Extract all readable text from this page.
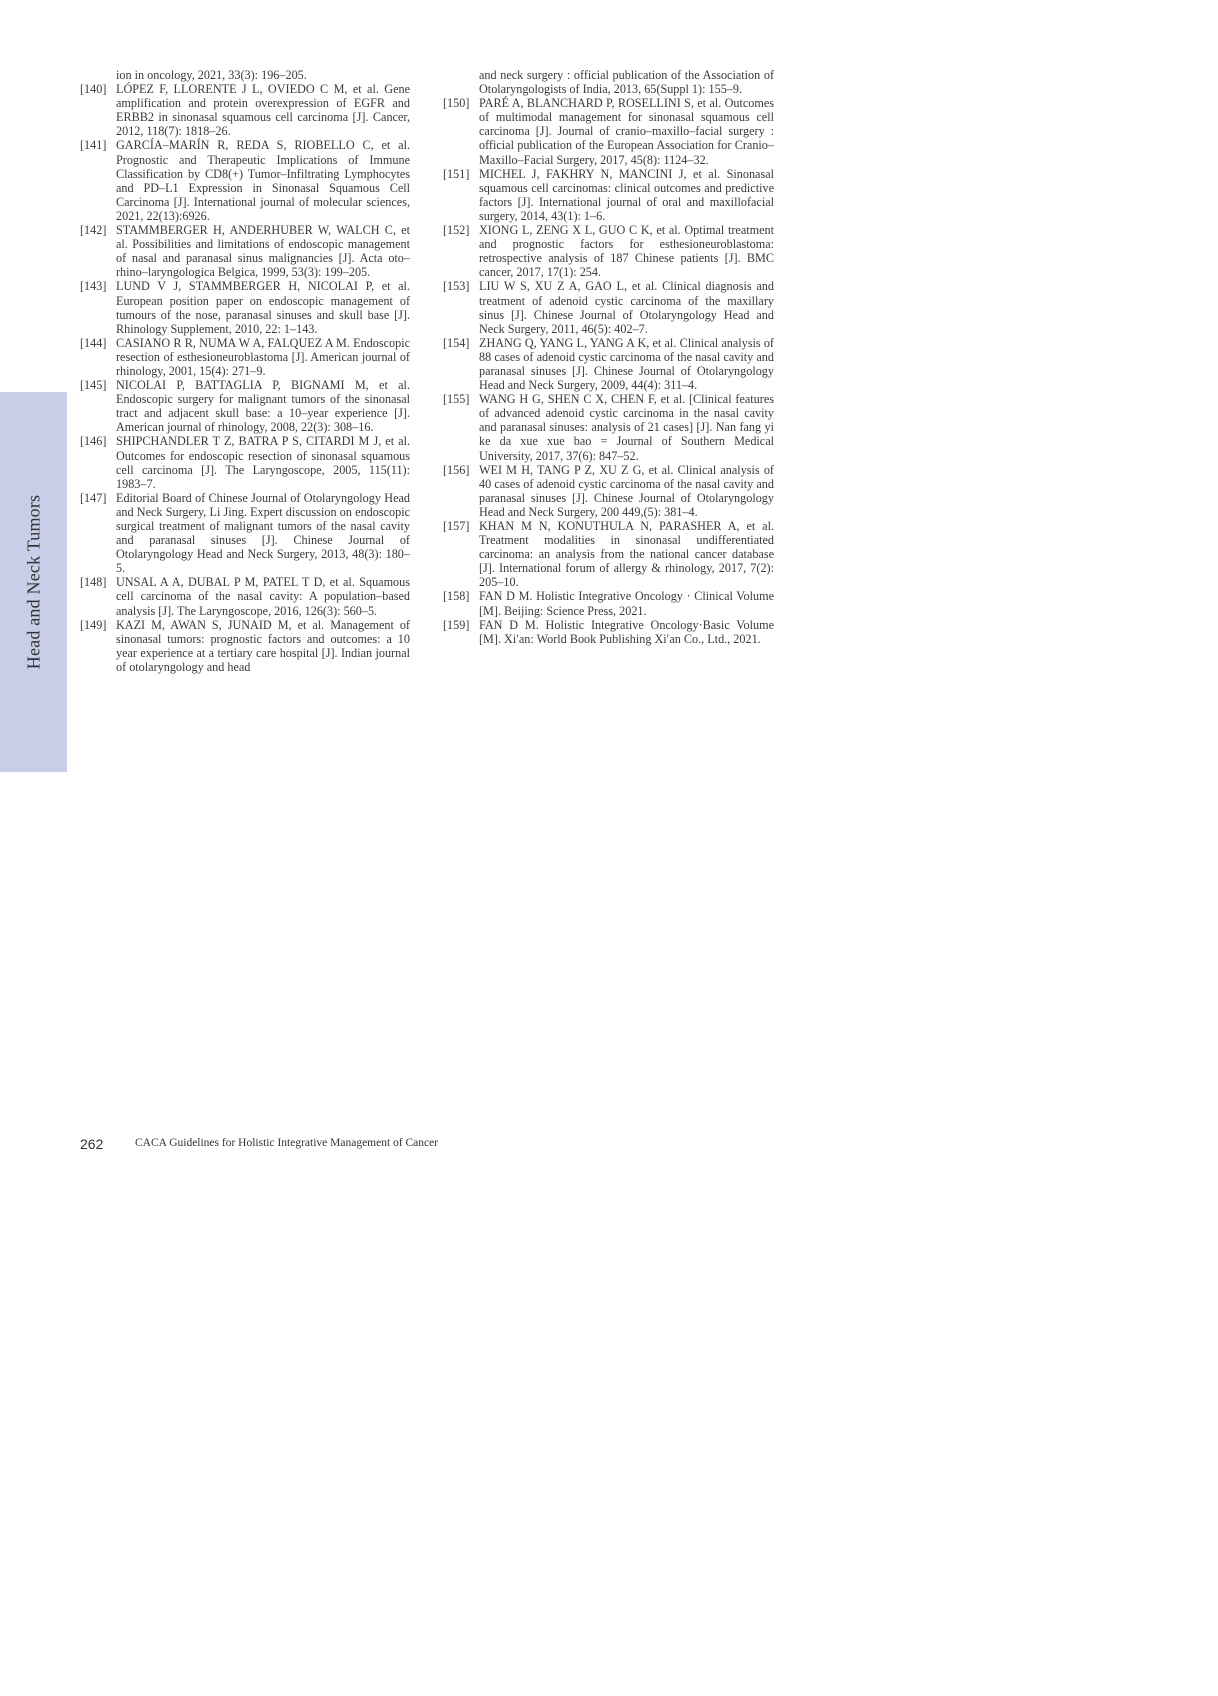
Head and Neck Tumors
ion in oncology, 2021, 33(3): 196–205.
[140] LÓPEZ F, LLORENTE J L, OVIEDO C M, et al. Gene amplification and protein overexpression of EGFR and ERBB2 in sinonasal squamous cell carcinoma [J]. Cancer, 2012, 118(7): 1818–26.
[141] GARCÍA–MARÍN R, REDA S, RIOBELLO C, et al. Prognostic and Therapeutic Implications of Immune Classification by CD8(+) Tumor–Infiltrating Lymphocytes and PD–L1 Expression in Sinonasal Squamous Cell Carcinoma [J]. International journal of molecular sciences, 2021, 22(13):6926.
[142] STAMMBERGER H, ANDERHUBER W, WALCH C, et al. Possibilities and limitations of endoscopic management of nasal and paranasal sinus malignancies [J]. Acta oto–rhino–laryngologica Belgica, 1999, 53(3): 199–205.
[143] LUND V J, STAMMBERGER H, NICOLAI P, et al. European position paper on endoscopic management of tumours of the nose, paranasal sinuses and skull base [J]. Rhinology Supplement, 2010, 22: 1–143.
[144] CASIANO R R, NUMA W A, FALQUEZ A M. Endoscopic resection of esthesioneuroblastoma [J]. American journal of rhinology, 2001, 15(4): 271–9.
[145] NICOLAI P, BATTAGLIA P, BIGNAMI M, et al. Endoscopic surgery for malignant tumors of the sinonasal tract and adjacent skull base: a 10–year experience [J]. American journal of rhinology, 2008, 22(3): 308–16.
[146] SHIPCHANDLER T Z, BATRA P S, CITARDI M J, et al. Outcomes for endoscopic resection of sinonasal squamous cell carcinoma [J]. The Laryngoscope, 2005, 115(11): 1983–7.
[147] Editorial Board of Chinese Journal of Otolaryngology Head and Neck Surgery, Li Jing. Expert discussion on endoscopic surgical treatment of malignant tumors of the nasal cavity and paranasal sinuses [J]. Chinese Journal of Otolaryngology Head and Neck Surgery, 2013, 48(3): 180–5.
[148] UNSAL A A, DUBAL P M, PATEL T D, et al. Squamous cell carcinoma of the nasal cavity: A population–based analysis [J]. The Laryngoscope, 2016, 126(3): 560–5.
[149] KAZI M, AWAN S, JUNAID M, et al. Management of sinonasal tumors: prognostic factors and outcomes: a 10 year experience at a tertiary care hospital [J]. Indian journal of otolaryngology and head
and neck surgery : official publication of the Association of Otolaryngologists of India, 2013, 65(Suppl 1): 155–9.
[150] PARÉ A, BLANCHARD P, ROSELLINI S, et al. Outcomes of multimodal management for sinonasal squamous cell carcinoma [J]. Journal of cranio–maxillo–facial surgery : official publication of the European Association for Cranio–Maxillo–Facial Surgery, 2017, 45(8): 1124–32.
[151] MICHEL J, FAKHRY N, MANCINI J, et al. Sinonasal squamous cell carcinomas: clinical outcomes and predictive factors [J]. International journal of oral and maxillofacial surgery, 2014, 43(1): 1–6.
[152] XIONG L, ZENG X L, GUO C K, et al. Optimal treatment and prognostic factors for esthesioneuroblastoma: retrospective analysis of 187 Chinese patients [J]. BMC cancer, 2017, 17(1): 254.
[153] LIU W S, XU Z A, GAO L, et al. Clinical diagnosis and treatment of adenoid cystic carcinoma of the maxillary sinus [J]. Chinese Journal of Otolaryngology Head and Neck Surgery, 2011, 46(5): 402–7.
[154] ZHANG Q, YANG L, YANG A K, et al. Clinical analysis of 88 cases of adenoid cystic carcinoma of the nasal cavity and paranasal sinuses [J]. Chinese Journal of Otolaryngology Head and Neck Surgery, 2009, 44(4): 311–4.
[155] WANG H G, SHEN C X, CHEN F, et al. [Clinical features of advanced adenoid cystic carcinoma in the nasal cavity and paranasal sinuses: analysis of 21 cases] [J]. Nan fang yi ke da xue xue bao = Journal of Southern Medical University, 2017, 37(6): 847–52.
[156] WEI M H, TANG P Z, XU Z G, et al. Clinical analysis of 40 cases of adenoid cystic carcinoma of the nasal cavity and paranasal sinuses [J]. Chinese Journal of Otolaryngology Head and Neck Surgery, 200 449,(5): 381–4.
[157] KHAN M N, KONUTHULA N, PARASHER A, et al. Treatment modalities in sinonasal undifferentiated carcinoma: an analysis from the national cancer database [J]. International forum of allergy & rhinology, 2017, 7(2): 205–10.
[158] FAN D M. Holistic Integrative Oncology · Clinical Volume [M]. Beijing: Science Press, 2021.
[159] FAN D M. Holistic Integrative Oncology·Basic Volume [M]. Xi′an: World Book Publishing Xi′an Co., Ltd., 2021.
262	CACA Guidelines for Holistic Integrative Management of Cancer
